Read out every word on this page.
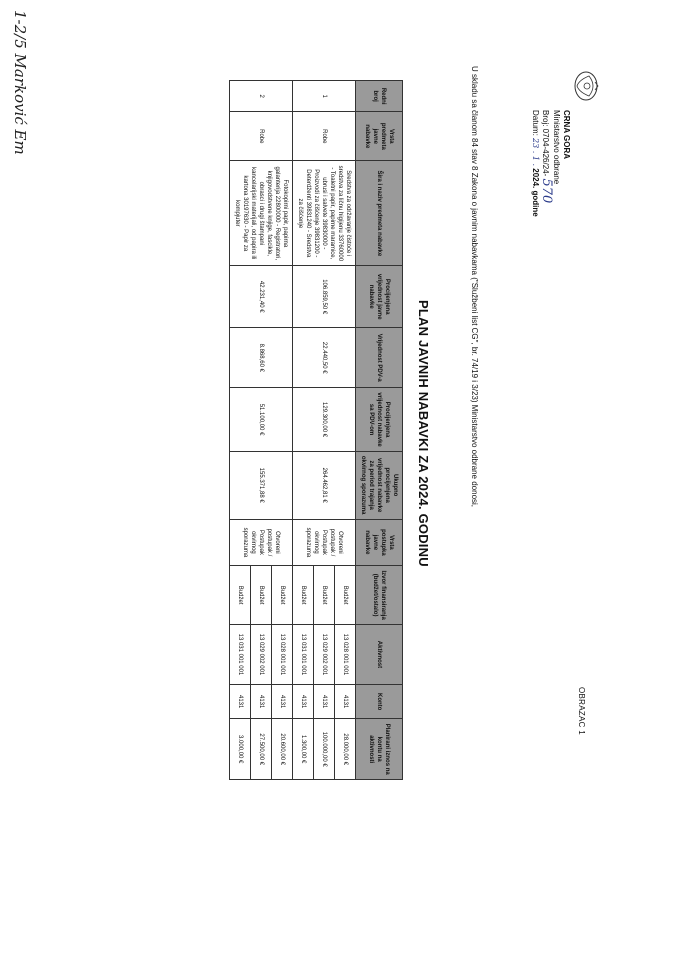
CRNA GORA
Ministarstvo odbrane
Broj: 0704-426/24- 570
Datum: 23 . 1 . 2024. godine
OBRAZAC 1
U skladu sa članom 84 stav 8 Zakona o javnim nabavkama ("Službeni list CG", br. 74/19 i 3/23) Ministarstvo odbrane donosi,
PLAN JAVNIH NABAVKI ZA 2024. GODINU
Redni broj	Vrsta predmeta javne nabavke	Šira i naziv predmeta nabavke	Procijenjena vrijednost javne nabavke	Vrijednost PDV-a	Procijenjena vrijednost nabavke sa PDV-om	Ukupno procijenjena vrijednost nabavke za period trajanja okvirnog sporazuma	Vrsta postupka javne nabavke	Izvor finansiranja (budžet/ostalo)	Aktivnost	Konto	Planirani iznos na kontu na aktivnosti
1	Robe	Sredstva za održavanje čistoće i sredstva za ličnu higijenu 33760000 - Toaletni papir, papirne maramice, ubrusi i salvete 39830000 - Proizvodi za čišćenje 39831200 - Deterdženti 39831240 - Sredstva za čišćenje	106.859,50 €	22.440,50 €	129.300,00 €	264.462,81 €	Otvoreni postupak / Postupak okvirnog sporazuma	Budžet	13 028 001 001	4131	28.000,00 €
								Budžet	13 029 002 001	4131	100.000,00 €
								Budžet	13 031 001 001	4131	1.300,00 €
2	Robe	Fotokopirni papir, papirna galanterija 22800000 - Registratori, knjigovodstvene knjige, fascikle, obrasci i drugi štampani kancelarijski materijali, od papira ili kartona 30197630 - Papir za kompjuter	42.231,40 €	8.868,60 €	51.100,00 €	155.371,88 €	Otvoreni postupak / Postupak okvirnog sporazuma	Budžet	13 028 001 001	4131	20.600,00 €
								Budžet	13 029 002 001	4131	27.500,00 €
								Budžet	13 031 001 001	4131	3.000,00 €
1-2/5 Marković Em
